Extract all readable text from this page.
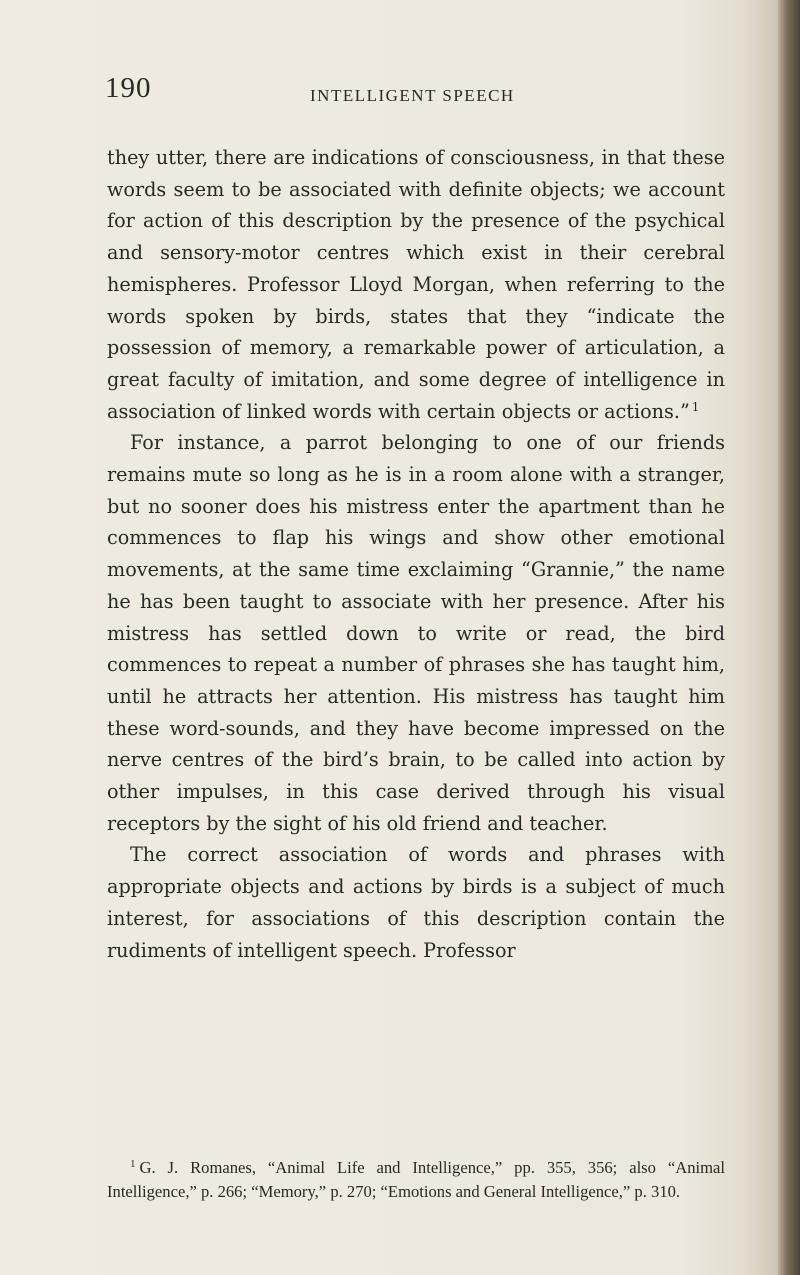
190	INTELLIGENT SPEECH

they utter, there are indications of consciousness, in that these words seem to be associated with definite objects; we account for action of this description by the presence of the psychical and sensory-motor centres which exist in their cerebral hemispheres. Professor Lloyd Morgan, when referring to the words spoken by birds, states that they “indicate the possession of memory, a remarkable power of articulation, a great faculty of imitation, and some degree of intelligence in association of linked words with certain objects or actions.” $^1$

For instance, a parrot belonging to one of our friends remains mute so long as he is in a room alone with a stranger, but no sooner does his mistress enter the apartment than he commences to flap his wings and show other emotional movements, at the same time exclaiming “Grannie,” the name he has been taught to associate with her presence. After his mistress has settled down to write or read, the bird commences to repeat a number of phrases she has taught him, until he attracts her attention. His mistress has taught him these word-sounds, and they have become impressed on the nerve centres of the bird’s brain, to be called into action by other impulses, in this case derived through his visual receptors by the sight of his old friend and teacher.

The correct association of words and phrases with appropriate objects and actions by birds is a subject of much interest, for associations of this description contain the rudiments of intelligent speech. Professor

$^1$ G. J. Romanes, “Animal Life and Intelligence,” pp. 355, 356; also “Animal Intelligence,” p. 266; “Memory,” p. 270; “Emotions and General Intelligence,” p. 310.
